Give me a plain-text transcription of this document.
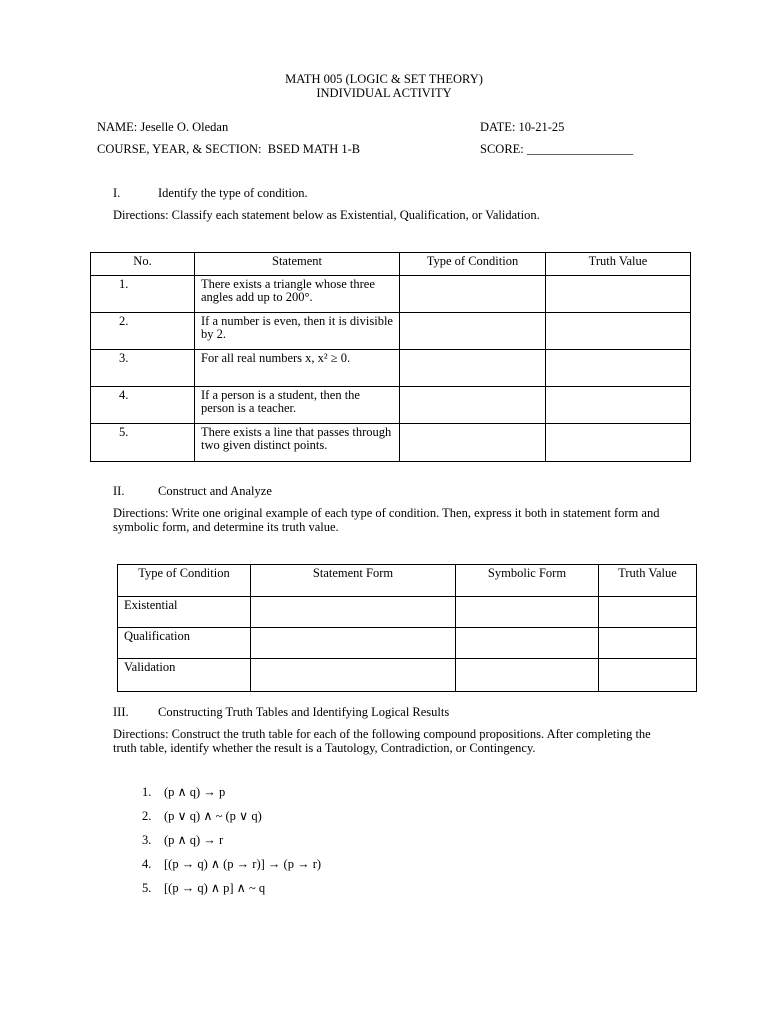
MATH 005 (LOGIC & SET THEORY)
INDIVIDUAL ACTIVITY
NAME: Jeselle O. Oledan	DATE: 10-21-25
COURSE, YEAR, & SECTION:  BSED MATH 1-B	SCORE: _________________
I.	Identify the type of condition.
Directions: Classify each statement below as Existential, Qualification, or Validation.
No.	Statement	Type of Condition	Truth Value
1.	There exists a triangle whose three angles add up to 200°.		
2.	If a number is even, then it is divisible by 2.		
3.	For all real numbers x, x² ≥ 0.		
4.	If a person is a student, then the person is a teacher.		
5.	There exists a line that passes through two given distinct points.		
II.	Construct and Analyze
Directions: Write one original example of each type of condition. Then, express it both in statement form and symbolic form, and determine its truth value.
Type of Condition	Statement Form	Symbolic Form	Truth Value
Existential			
Qualification			
Validation			
III. Constructing Truth Tables and Identifying Logical Results
Directions: Construct the truth table for each of the following compound propositions. After completing the truth table, identify whether the result is a Tautology, Contradiction, or Contingency.
1. (p ∧ q) → p
2. (p ∨ q) ∧ ~ (p ∨ q)
3. (p ∧ q) → r
4. [(p → q) ∧ (p → r)] → (p → r)
5. [(p → q) ∧ p] ∧ ~ q
